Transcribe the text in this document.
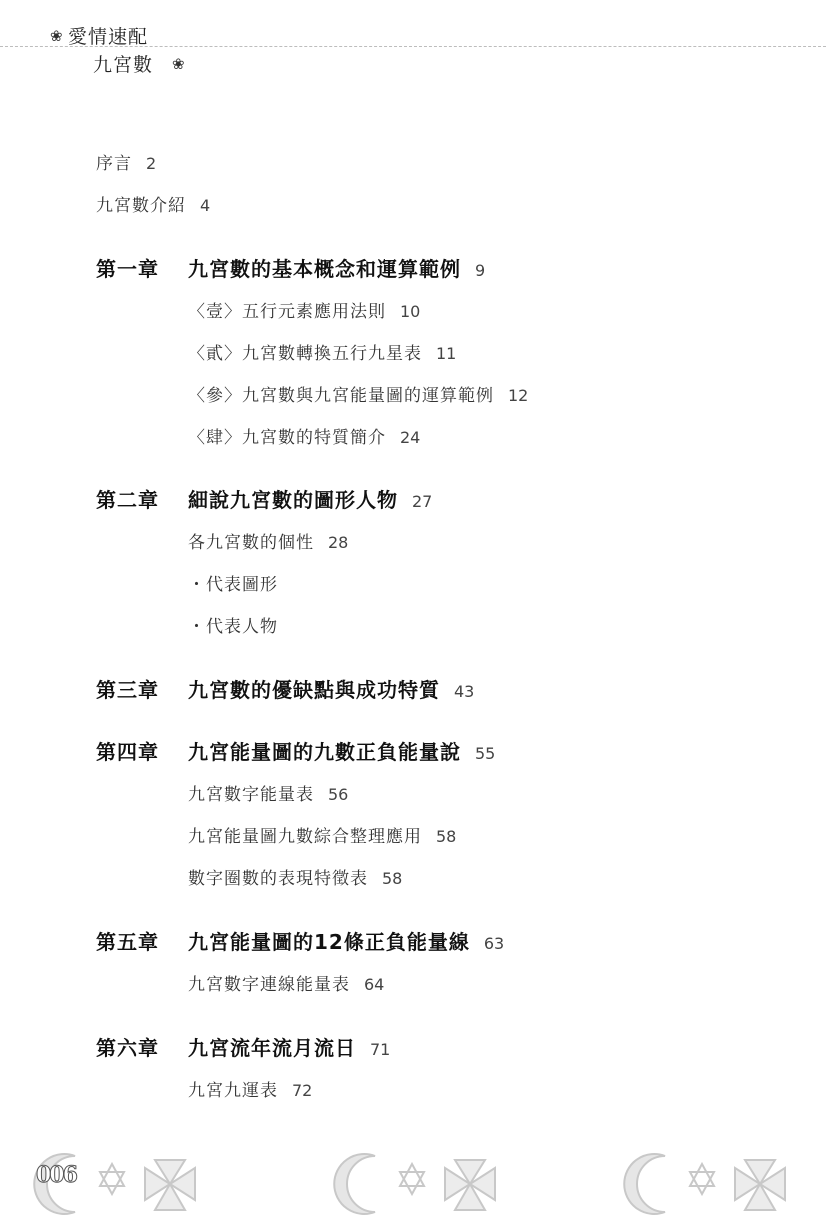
❀ 愛情速配
九宮數 ❀
序言 2
九宮數介紹 4
第一章 九宮數的基本概念和運算範例 9
〈壹〉五行元素應用法則 10
〈貳〉九宮數轉換五行九星表 11
〈參〉九宮數與九宮能量圖的運算範例 12
〈肆〉九宮數的特質簡介 24
第二章 細說九宮數的圖形人物 27
各九宮數的個性 28
・代表圖形
・代表人物
第三章 九宮數的優缺點與成功特質 43
第四章 九宮能量圖的九數正負能量說 55
九宮數字能量表 56
九宮能量圖九數綜合整理應用 58
數字圈數的表現特徵表 58
第五章 九宮能量圖的12條正負能量線 63
九宮數字連線能量表 64
第六章 九宮流年流月流日 71
九宮九運表 72
006
